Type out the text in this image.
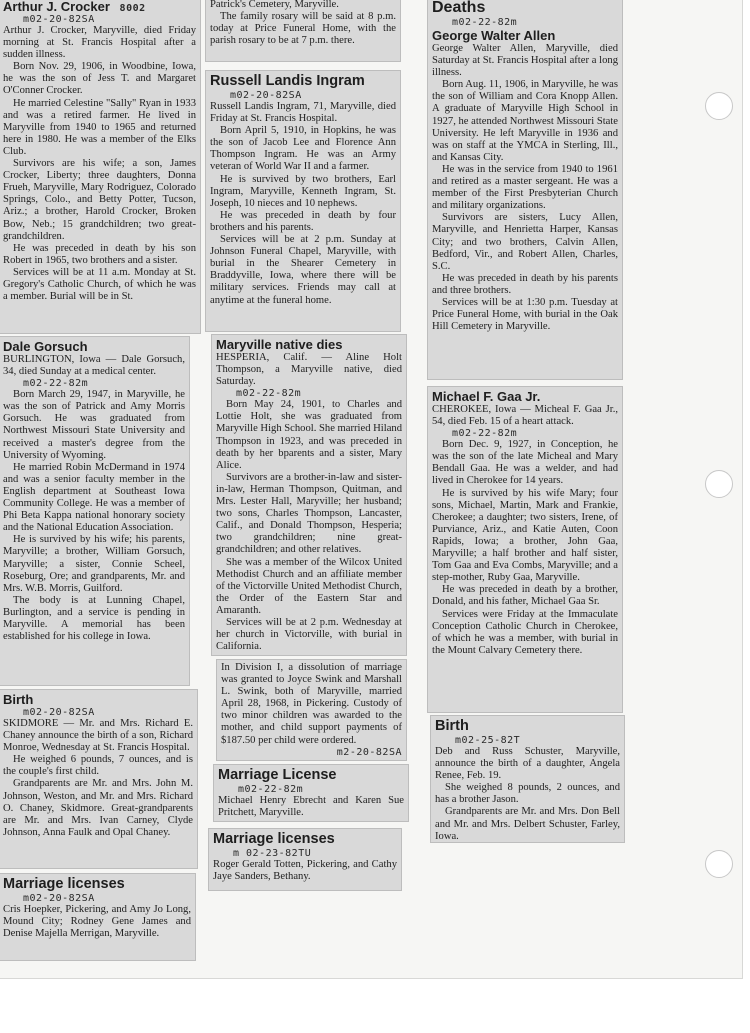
Arthur J. Crocker 8002
m02-20-82SA

Arthur J. Crocker, Maryville, died Friday morning at St. Francis Hospital after a sudden illness.

Born Nov. 29, 1906, in Woodbine, Iowa, he was the son of Jess T. and Margaret O'Conner Crocker.

He married Celestine "Sally" Ryan in 1933 and was a retired farmer. He lived in Maryville from 1940 to 1965 and returned here in 1980. He was a member of the Elks Club.

Survivors are his wife; a son, James Crocker, Liberty; three daughters, Donna Frueh, Maryville, Mary Rodriguez, Colorado Springs, Colo., and Betty Potter, Tucson, Ariz.; a brother, Harold Crocker, Broken Bow, Neb.; 15 grandchildren; two great-grandchildren.

He was preceded in death by his son Robert in 1965, two brothers and a sister.

Services will be at 11 a.m. Monday at St. Gregory's Catholic Church, of which he was a member. Burial will be in St.

Patrick's Cemetery, Maryville.

The family rosary will be said at 8 p.m. today at Price Funeral Home, with the parish rosary to be at 7 p.m. there.

Russell Landis Ingram
m02-20-82SA

Russell Landis Ingram, 71, Maryville, died Friday at St. Francis Hospital.

Born April 5, 1910, in Hopkins, he was the son of Jacob Lee and Florence Ann Thompson Ingram. He was an Army veteran of World War II and a farmer.

He is survived by two brothers, Earl Ingram, Maryville, Kenneth Ingram, St. Joseph, 10 nieces and 10 nephews.

He was preceded in death by four brothers and his parents.

Services will be at 2 p.m. Sunday at Johnson Funeral Chapel, Maryville, with burial in the Shearer Cemetery in Braddyville, Iowa, where there will be military services. Friends may call at anytime at the funeral home.

Deaths
m02-22-82m
George Walter Allen

George Walter Allen, Maryville, died Saturday at St. Francis Hospital after a long illness.

Born Aug. 11, 1906, in Maryville, he was the son of William and Cora Knopp Allen. A graduate of Maryville High School in 1927, he attended Northwest Missouri State University. He left Maryville in 1936 and was on staff at the YMCA in Sterling, Ill., and Kansas City.

He was in the service from 1940 to 1961 and retired as a master sergeant. He was a member of the First Presbyterian Church and military organizations.

Survivors are sisters, Lucy Allen, Maryville, and Henrietta Harper, Kansas City; and two brothers, Calvin Allen, Bedford, Vir., and Robert Allen, Charles, S.C.

He was preceded in death by his parents and three brothers.

Services will be at 1:30 p.m. Tuesday at Price Funeral Home, with burial in the Oak Hill Cemetery in Maryville.

Dale Gorsuch

BURLINGTON, Iowa — Dale Gorsuch, 34, died Sunday at a medical center.

m02-22-82m

Born March 29, 1947, in Maryville, he was the son of Patrick and Amy Morris Gorsuch. He was graduated from Northwest Missouri State University and received a master's degree from the University of Wyoming.

He married Robin McDermand in 1974 and was a senior faculty member in the English department at Southeast Iowa Community College. He was a member of Phi Beta Kappa national honorary society and the National Education Association.

He is survived by his wife; his parents, Maryville; a brother, William Gorsuch, Maryville; a sister, Connie Scheel, Roseburg, Ore; and grandparents, Mr. and Mrs. W.B. Morris, Guilford.

The body is at Lunning Chapel, Burlington, and a service is pending in Maryville. A memorial has been established for his college in Iowa.

Maryville native dies

HESPERIA, Calif. — Aline Holt Thompson, a Maryville native, died Saturday.

m02-22-82m

Born May 24, 1901, to Charles and Lottie Holt, she was graduated from Maryville High School. She married Hiland Thompson in 1923, and was preceded in death by her bparents and a sister, Mary Alice.

Survivors are a brother-in-law and sister-in-law, Herman Thompson, Quitman, and Mrs. Lester Hall, Maryville; her husband; two sons, Charles Thompson, Lancaster, Calif., and Donald Thompson, Hesperia; two grandchildren; nine great-grandchildren; and other relatives.

She was a member of the Wilcox United Methodist Church and an affiliate member of the Victorville United Methodist Church, the Order of the Eastern Star and Amaranth.

Services will be at 2 p.m. Wednesday at her church in Victorville, with burial in California.

Michael F. Gaa Jr.

CHEROKEE, Iowa — Micheal F. Gaa Jr., 54, died Feb. 15 of a heart attack.

m02-22-82m

Born Dec. 9, 1927, in Conception, he was the son of the late Micheal and Mary Bendall Gaa. He was a welder, and had lived in Cherokee for 14 years.

He is survived by his wife Mary; four sons, Michael, Martin, Mark and Frankie, Cherokee; a daughter; two sisters, Irene, of Purviance, Ariz., and Katie Auten, Coon Rapids, Iowa; a brother, John Gaa, Maryville; a half brother and half sister, Tom Gaa and Eva Combs, Maryville; and a step-mother, Ruby Gaa, Maryville.

He was preceded in death by a brother, Donald, and his father, Michael Gaa Sr.

Services were Friday at the Immaculate Conception Catholic Church in Cherokee, of which he was a member, with burial in the Mount Calvary Cemetery there.

In Division I, a dissolution of marriage was granted to Joyce Swink and Marshall L. Swink, both of Maryville, married April 28, 1968, in Pickering. Custody of two minor children was awarded to the mother, and child support payments of $187.50 per child were ordered.

m2-20-82SA
Birth
m02-20-82SA

SKIDMORE — Mr. and Mrs. Richard E. Chaney announce the birth of a son, Richard Monroe, Wednesday at St. Francis Hospital.

He weighed 6 pounds, 7 ounces, and is the couple's first child.

Grandparents are Mr. and Mrs. John M. Johnson, Weston, and Mr. and Mrs. Richard O. Chaney, Skidmore. Great-grandparents are Mr. and Mrs. Ivan Carney, Clyde Johnson, Anna Faulk and Opal Chaney.

Birth
m02-25-82T

Deb and Russ Schuster, Maryville, announce the birth of a daughter, Angela Renee, Feb. 19.

She weighed 8 pounds, 2 ounces, and has a brother Jason.

Grandparents are Mr. and Mrs. Don Bell and Mr. and Mrs. Delbert Schuster, Farley, Iowa.

Marriage License
m02-22-82m

Michael Henry Ebrecht and Karen Sue Pritchett, Maryville.

Marriage licenses
m 02-23-82TU

Roger Gerald Totten, Pickering, and Cathy Jaye Sanders, Bethany.

Marriage licenses
m02-20-82SA

Cris Hoepker, Pickering, and Amy Jo Long, Mound City; Rodney Gene James and Denise Majella Merrigan, Maryville.
